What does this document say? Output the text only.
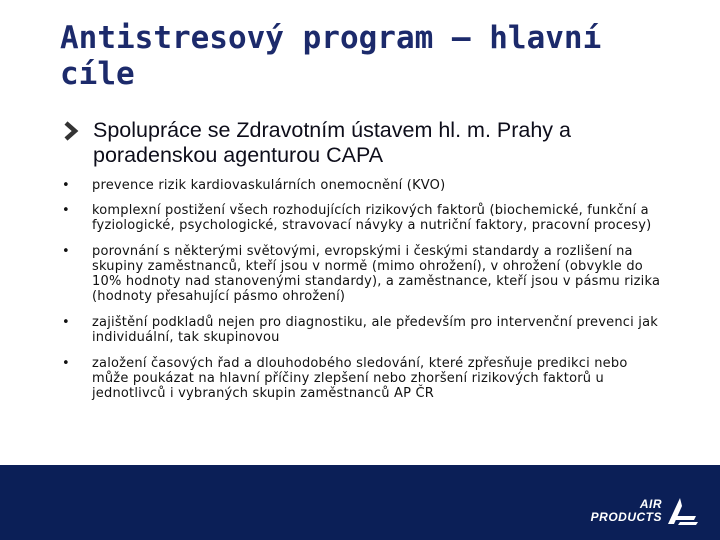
Antistresový program – hlavní cíle
Spolupráce se Zdravotním ústavem hl. m. Prahy a poradenskou agenturou CAPA
• prevence rizik kardiovaskulárních onemocnění (KVO)
• komplexní postižení všech rozhodujících rizikových faktorů (biochemické, funkční a fyziologické, psychologické, stravovací návyky a nutriční faktory, pracovní procesy)
• porovnání s některými světovými, evropskými i českými standardy a rozlišení na skupiny zaměstnanců, kteří jsou v normě (mimo ohrožení), v ohrožení (obvykle do 10% hodnoty nad stanovenými standardy), a zaměstnance, kteří jsou v pásmu rizika (hodnoty přesahující pásmo ohrožení)
• zajištění podkladů nejen pro diagnostiku, ale především pro intervenční prevenci jak individuální, tak skupinovou
• založení časových řad a dlouhodobého sledování, které zpřesňuje predikci nebo může poukázat na hlavní příčiny zlepšení nebo zhoršení rizikových faktorů u jednotlivců i vybraných skupin zaměstnanců AP ČR
AIR
PRODUCTS
